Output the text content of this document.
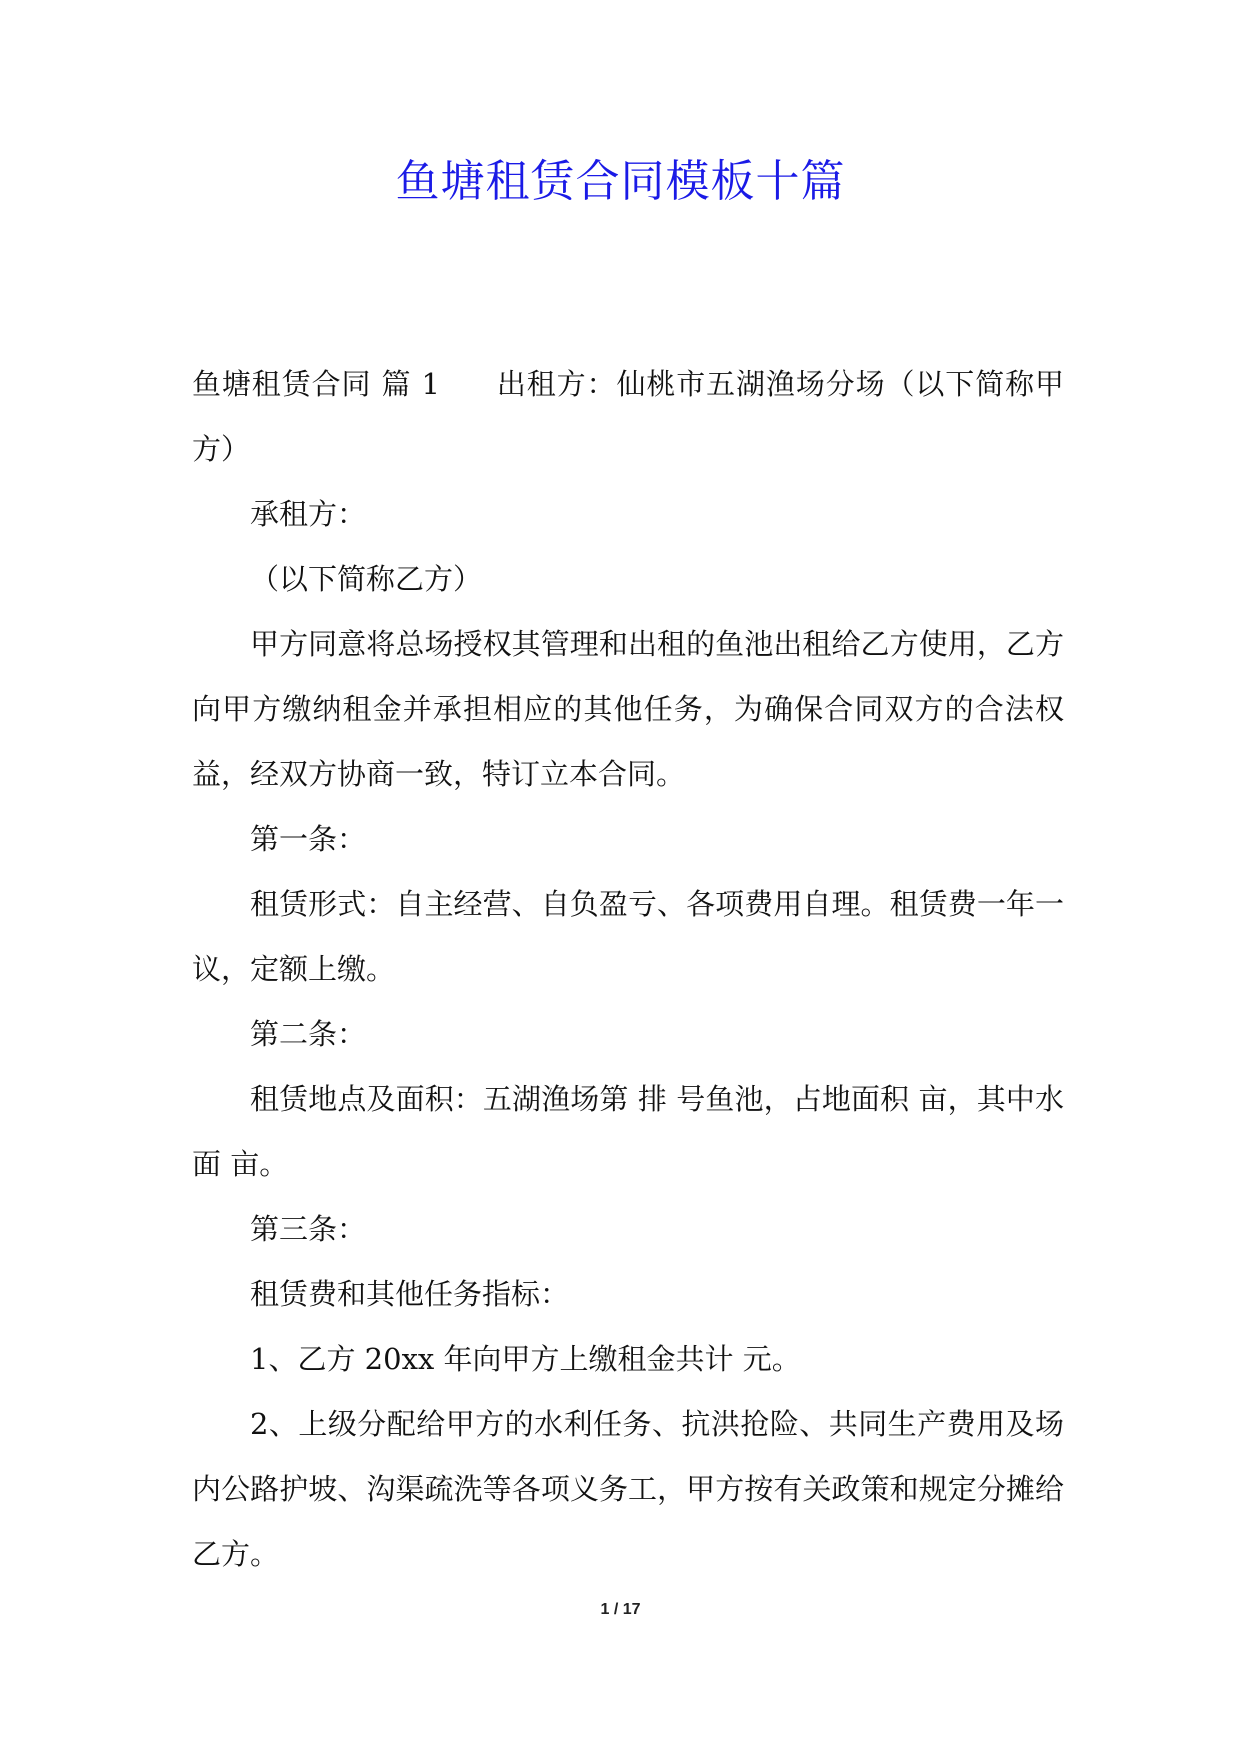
鱼塘租赁合同模板十篇

鱼塘租赁合同 篇 1 出租方：仙桃市五湖渔场分场（以下简称甲方）

承租方：

（以下简称乙方）

甲方同意将总场授权其管理和出租的鱼池出租给乙方使用，乙方向甲方缴纳租金并承担相应的其他任务，为确保合同双方的合法权益，经双方协商一致，特订立本合同。

第一条：

租赁形式：自主经营、自负盈亏、各项费用自理。租赁费一年一议，定额上缴。

第二条：

租赁地点及面积：五湖渔场第 排 号鱼池，占地面积 亩，其中水面 亩。

第三条：

租赁费和其他任务指标：

1、乙方 20xx 年向甲方上缴租金共计 元。

2、上级分配给甲方的水利任务、抗洪抢险、共同生产费用及场内公路护坡、沟渠疏洗等各项义务工，甲方按有关政策和规定分摊给乙方。

1 / 17
